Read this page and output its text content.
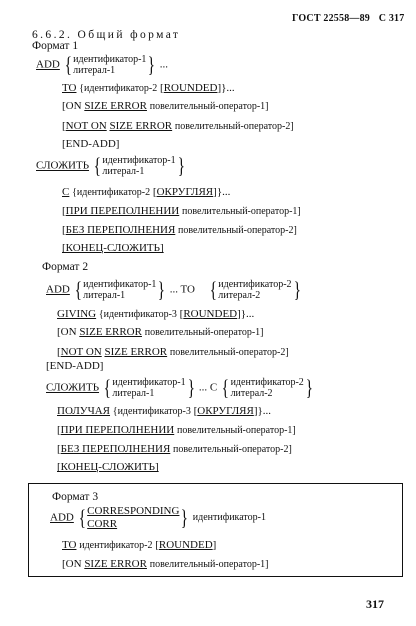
ГОСТ 22558—89 С 317
6.6.2. Общий формат
Формат 1
ADD { идентификатор-1
литерал-1 } ...
TO {идентификатор-2 [ROUNDED]}...
[ON SIZE ERROR повелительный-оператор-1]
[NOT ON SIZE ERROR повелительный-оператор-2]
[END-ADD]
СЛОЖИТЬ { идентификатор-1
литерал-1 }
С {идентификатор-2 [ОКРУГЛЯЯ]}...
[ПРИ ПЕРЕПОЛНЕНИИ повелительный-оператор-1]
[БЕЗ ПЕРЕПОЛНЕНИЯ повелительный-оператор-2]
[КОНЕЦ-СЛОЖИТЬ]
Формат 2
ADD { идентификатор-1
литерал-1 } ... TO { идентификатор-2
литерал-2 }
GIVING {идентификатор-3 [ROUNDED]}...
[ON SIZE ERROR повелительный-оператор-1]
[NOT ON SIZE ERROR повелительный-оператор-2]
[END-ADD]
СЛОЖИТЬ { идентификатор-1
литерал-1 } ... С { идентификатор-2
литерал-2 }
ПОЛУЧАЯ {идентификатор-3 [ОКРУГЛЯЯ]}...
[ПРИ ПЕРЕПОЛНЕНИИ повелительный-оператор-1]
[БЕЗ ПЕРЕПОЛНЕНИЯ повелительный-оператор-2]
[КОНЕЦ-СЛОЖИТЬ]
Формат 3
ADD { CORRESPONDING
CORR	} идентификатор-1
TO идентификатор-2 [ROUNDED]
[ON SIZE ERROR повелительный-оператор-1]
317
